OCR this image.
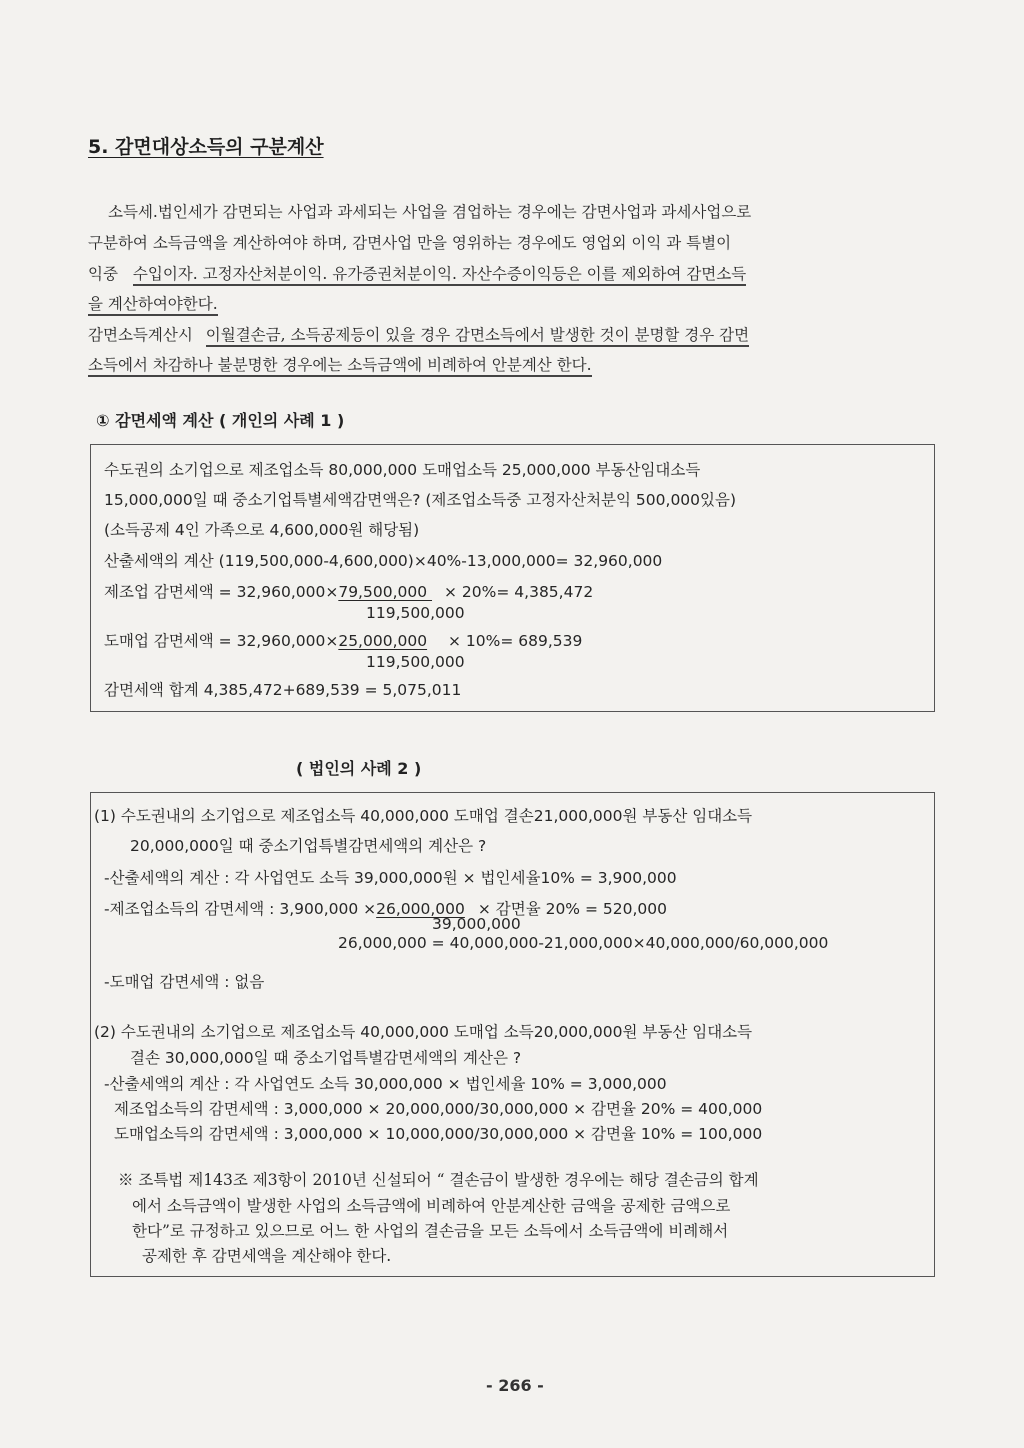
5. 감면대상소득의 구분계산
소득세.법인세가 감면되는 사업과 과세되는 사업을 겸업하는 경우에는 감면사업과 과세사업으로
구분하여 소득금액을 계산하여야 하며, 감면사업 만을 영위하는 경우에도 영업외 이익 과 특별이
익중 수입이자. 고정자산처분이익. 유가증권처분이익. 자산수증이익등은 이를 제외하여 감면소득
을 계산하여야한다.
감면소득계산시 이월결손금, 소득공제등이 있을 경우 감면소득에서 발생한 것이 분명할 경우 감면
소득에서 차감하나 불분명한 경우에는 소득금액에 비례하여 안분계산 한다.
① 감면세액 계산 ( 개인의 사례 1 )
수도권의 소기업으로 제조업소득 80,000,000 도매업소득 25,000,000 부동산임대소득
15,000,000일 때 중소기업특별세액감면액은? (제조업소득중 고정자산처분익 500,000있음)
(소득공제 4인 가족으로 4,600,000원 해당됨)
산출세액의 계산 (119,500,000-4,600,000)×40%-13,000,000= 32,960,000
제조업 감면세액 = 32,960,000×79,500,000 × 20%= 4,385,472
119,500,000
도매업 감면세액 = 32,960,000×25,000,000 × 10%= 689,539
119,500,000
감면세액 합계 4,385,472+689,539 = 5,075,011
( 법인의 사례 2 )
(1) 수도권내의 소기업으로 제조업소득 40,000,000 도매업 결손21,000,000원 부동산 임대소득
20,000,000일 때 중소기업특별감면세액의 계산은 ?
-산출세액의 계산 : 각 사업연도 소득 39,000,000원 × 법인세율10% = 3,900,000
-제조업소득의 감면세액 : 3,900,000 ×26,000,000 × 감면율 20% = 520,000
39,000,000
26,000,000 = 40,000,000-21,000,000×40,000,000/60,000,000
-도매업 감면세액 : 없음
(2) 수도권내의 소기업으로 제조업소득 40,000,000 도매업 소득20,000,000원 부동산 임대소득
결손 30,000,000일 때 중소기업특별감면세액의 계산은 ?
-산출세액의 계산 : 각 사업연도 소득 30,000,000 × 법인세율 10% = 3,000,000
제조업소득의 감면세액 : 3,000,000 × 20,000,000/30,000,000 × 감면율 20% = 400,000
도매업소득의 감면세액 : 3,000,000 × 10,000,000/30,000,000 × 감면율 10% = 100,000
※ 조특법 제143조 제3항이 2010년 신설되어 “ 결손금이 발생한 경우에는 해당 결손금의 합계
에서 소득금액이 발생한 사업의 소득금액에 비례하여 안분계산한 금액을 공제한 금액으로
한다”로 규정하고 있으므로 어느 한 사업의 결손금을 모든 소득에서 소득금액에 비례해서
공제한 후 감면세액을 계산해야 한다.
- 266 -
